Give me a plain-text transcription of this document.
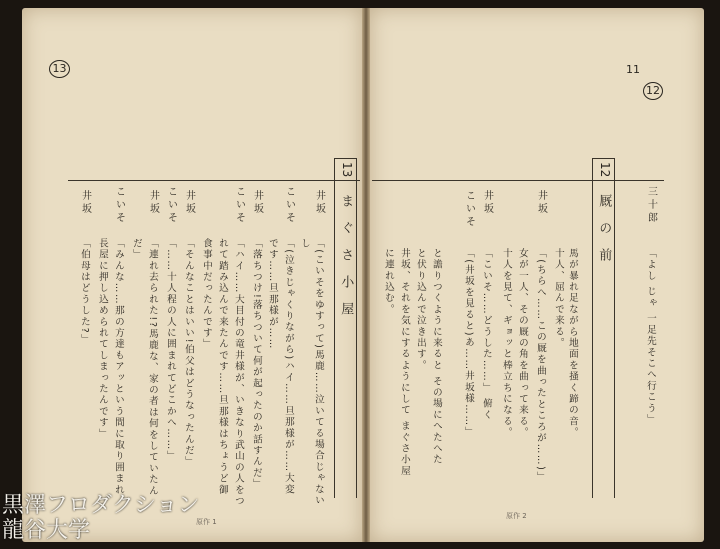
13	11
12
三十郎
「よし じゃ 一足先そこへ行こう」
12
厩の前
馬が暴れ足ながら地面を掻く蹄の音。
十人、屈んで来る。
井坂
「(ちらへ……この厩を曲ったところが……)」
女が一人、その厩の角を曲って来る。
十人を見て、ギョッと棒立ちになる。
井坂
「こいそ……どうした……」 俯く
こいそ
「(井坂を見ると)あ……井坂様……」
と譫りつくように来ると その場にへたへた
と伏り込んで泣き出す。
井坂、それを気にするようにして まぐさ小屋
に連れ込む。
原作 2
13
まぐさ小屋
井坂
「(こいそをゆすって)馬鹿……泣いてる場合じゃない
し
こいそ
「(泣きじゃくりながら)ハイ……旦那様が……大変
です……旦那様が……
井坂
「落ちつけ!落ちついて何が起ったのか話すんだ」
こいそ
「ハイ……大目付の竜井様が、いきなり武山の人をつ
れて踏み込んで来たんです……旦那様はちょうど御
食事中だったんです」
井坂
「そんなことはいい!伯父はどうなったんだ」
こいそ
「……十人程の人に囲まれてどこかへ……」
井坂
「連れ去られた!?馬鹿な、家の者は何をしていたん
だ」
こいそ
「みんな……那の方達もアッという間に取り囲まれ
長屋に押し込められてしまったんです」
井坂
「伯母はどうした?」
原作 1
黒澤フロダクション
龍谷大学
